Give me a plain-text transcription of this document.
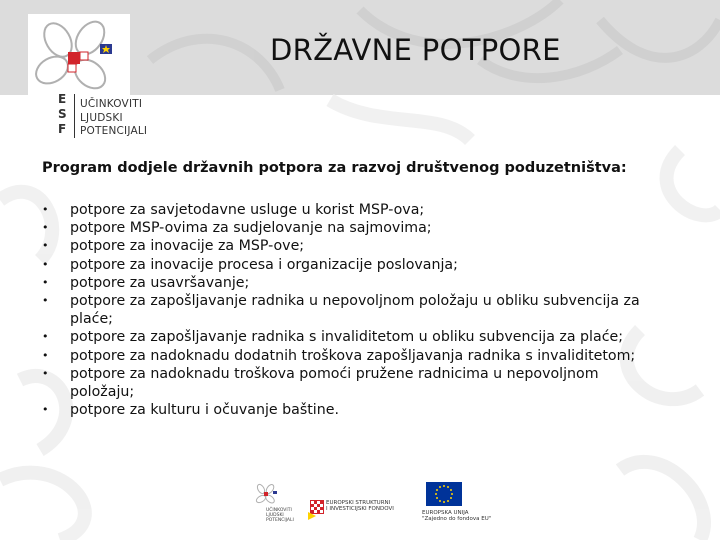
E
S
F
UČINKOVITI
LJUDSKI
POTENCIJALI
DRŽAVNE POTPORE
Program dodjele državnih potpora za razvoj društvenog poduzetništva:
•	potpore za savjetodavne usluge u korist MSP-ova;
•	potpore MSP-ovima za sudjelovanje na sajmovima;
•	potpore za inovacije za MSP-ove;
•	potpore za inovacije procesa i organizacije poslovanja;
•	potpore za usavršavanje;
•	potpore za zapošljavanje radnika u nepovoljnom položaju u obliku subvencija za
plaće;
•	potpore za zapošljavanje radnika s invaliditetom u obliku subvencija za plaće;
•	potpore za nadoknadu dodatnih troškova zapošljavanja radnika s invaliditetom;
•	potpore za nadoknadu troškova pomoći pružene radnicima u nepovoljnom
položaju;
•	potpore za kulturu i očuvanje baštine.
UČINKOVITI
LJUDSKI
POTENCIJALI
EUROPSKI STRUKTURNI
I INVESTICIJSKI FONDOVI
EUROPSKA UNIJA
"Zajedno do fondova EU"
